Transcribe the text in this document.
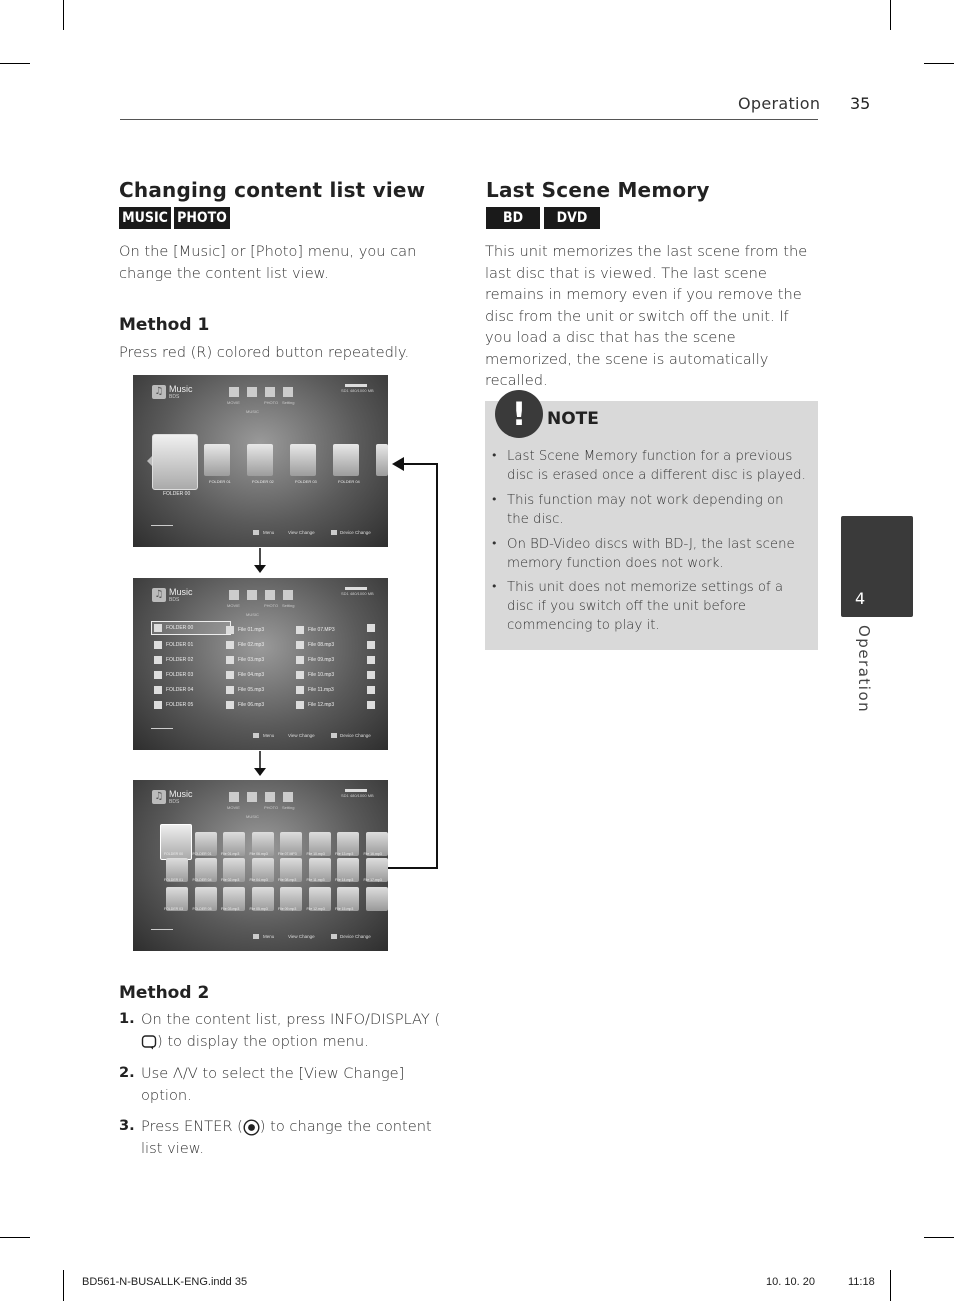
Operation 35
Changing content list view
MUSIC PHOTO
On the [Music] or [Photo] menu, you can change the content list view.
Method 1
Press red (R) colored button repeatedly.
♫ Music
BDS
MOVIE	PHOTO Setting
MUSIC
SD1 480/1000 MB
FOLDER 00
FOLDER 01	FOLDER 02	FOLDER 03	FOLDER 04
Menu	View Change	Device Change
♫ Music
BDS
MOVIE	PHOTO Setting
MUSIC
SD1 480/1000 MB
FOLDER 00
FOLDER 01
FOLDER 02
FOLDER 03
FOLDER 04
FOLDER 05
File 01.mp3
File 02.mp3
File 03.mp3
File 04.mp3
File 05.mp3
File 06.mp3
File 07.MP3
File 08.mp3
File 09.mp3
File 10.mp3
File 11.mp3
File 12.mp3
Menu	View Change	Device Change
♫ Music
BDS
MOVIE	PHOTO Setting
MUSIC
SD1 480/1000 MB
FOLDER 00	FOLDER 01	File 01.mp3	File 06.mp3	File 07.MP3	File 10.mp3	File 13.mp3	File 16.mp3
FOLDER 01	FOLDER 04	File 02.mp3	File 04.mp3	File 08.mp3	File 11.mp3	File 14.mp3	File 17.mp3
FOLDER 03	FOLDER 05	File 03.mp3	File 05.mp3	File 09.mp3	File 12.mp3	File 15.mp3
Menu	View Change	Device Change
Method 2
1. On the content list, press INFO/DISPLAY () to display the option menu.
2. Use Λ/V to select the [View Change] option.
3. Press ENTER ( ) to change the content list view.
Last Scene Memory
BD	DVD
This unit memorizes the last scene from the last disc that is viewed. The last scene remains in memory even if you remove the disc from the unit or switch off the unit. If you load a disc that has the scene memorized, the scene is automatically recalled.
!	NOTE
• Last Scene Memory function for a previous disc is erased once a different disc is played.
• This function may not work depending on the disc.
• On BD-Video discs with BD-J, the last scene memory function does not work.
• This unit does not memorize settings of a disc if you switch off the unit before commencing to play it.
4
Operation
BD561-N-BUSALLK-ENG.indd 35	10. 10. 20	11:18
